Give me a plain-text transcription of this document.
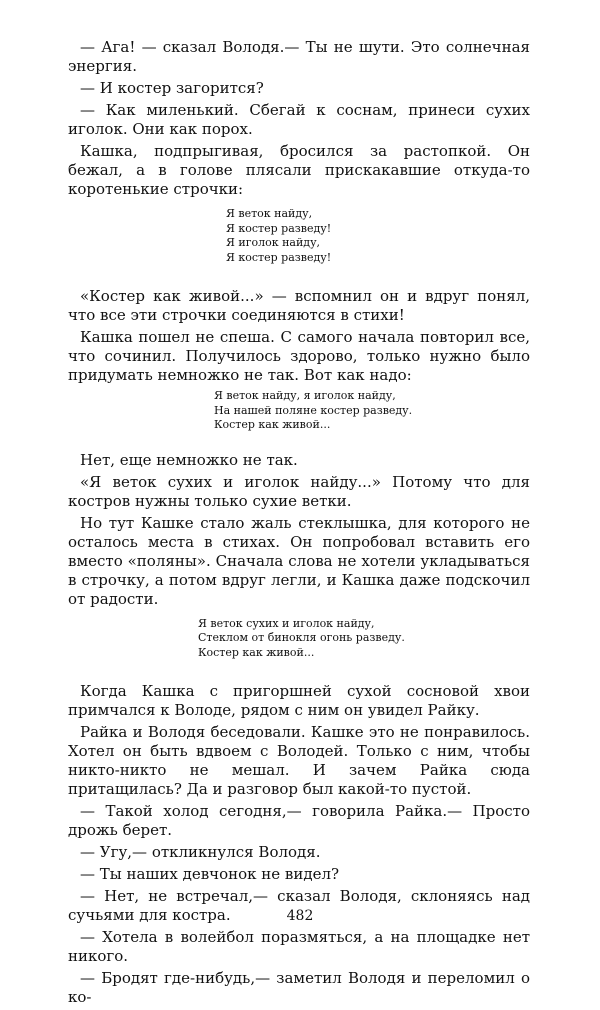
— Ага! — сказал Володя.— Ты не шути. Это солнечная энергия.

— И костер загорится?

— Как миленький. Сбегай к соснам, принеси сухих иголок. Они как порох.

Кашка, подпрыгивая, бросился за растопкой. Он бежал, а в голове плясали прискакавшие откуда-то коротенькие строчки:

Я веток найду,
Я костер разведу!
Я иголок найду,
Я костер разведу!

«Костер как живой...» — вспомнил он и вдруг понял, что все эти строчки соединяются в стихи!

Кашка пошел не спеша. С самого начала повторил все, что сочинил. Получилось здорово, только нужно было придумать немножко не так. Вот как надо:

Я веток найду, я иголок найду,
На нашей поляне костер разведу.
Костер как живой...

Нет, еще немножко не так.

«Я веток сухих и иголок найду...» Потому что для костров нужны только сухие ветки.

Но тут Кашке стало жаль стеклышка, для которого не осталось места в стихах. Он попробовал вставить его вместо «поляны». Сначала слова не хотели укладываться в строчку, а потом вдруг легли, и Кашка даже подскочил от радости.

Я веток сухих и иголок найду,
Стеклом от бинокля огонь разведу.
Костер как живой...

Когда Кашка с пригоршней сухой сосновой хвои примчался к Володе, рядом с ним он увидел Райку.

Райка и Володя беседовали. Кашке это не понравилось. Хотел он быть вдвоем с Володей. Только с ним, чтобы никто-никто не мешал. И зачем Райка сюда притащилась? Да и разговор был какой-то пустой.

— Такой холод сегодня,— говорила Райка.— Просто дрожь берет.

— Угу,— откликнулся Володя.

— Ты наших девчонок не видел?

— Нет, не встречал,— сказал Володя, склоняясь над сучьями для костра.

— Хотела в волейбол поразмяться, а на площадке нет никого.

— Бродят где-нибудь,— заметил Володя и переломил о ко-

482
